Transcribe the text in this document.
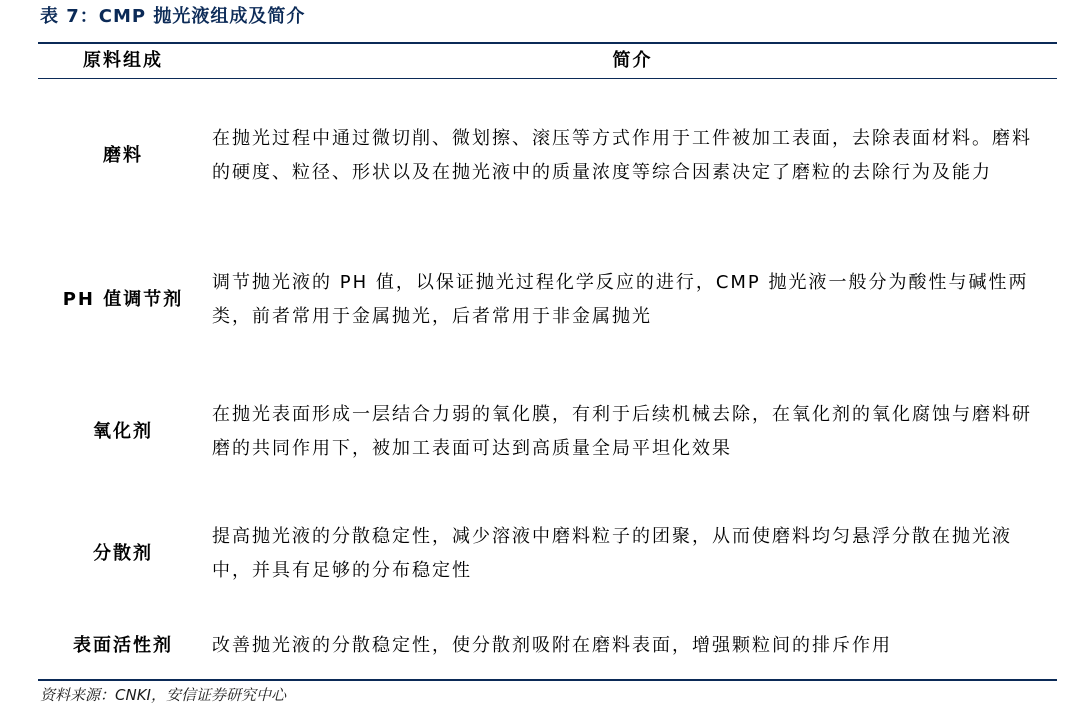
表 7：CMP 抛光液组成及简介
原料组成	简介
磨料
在抛光过程中通过微切削、微划擦、滚压等方式作用于工件被加工表面，去除表面材料。磨料的硬度、粒径、形状以及在抛光液中的质量浓度等综合因素决定了磨粒的去除行为及能力
PH 值调节剂
调节抛光液的 PH 值，以保证抛光过程化学反应的进行，CMP 抛光液一般分为酸性与碱性两类，前者常用于金属抛光，后者常用于非金属抛光
氧化剂
在抛光表面形成一层结合力弱的氧化膜，有利于后续机械去除，在氧化剂的氧化腐蚀与磨料研磨的共同作用下，被加工表面可达到高质量全局平坦化效果
分散剂
提高抛光液的分散稳定性，减少溶液中磨料粒子的团聚，从而使磨料均匀悬浮分散在抛光液中，并具有足够的分布稳定性
表面活性剂	改善抛光液的分散稳定性，使分散剂吸附在磨料表面，增强颗粒间的排斥作用
资料来源：CNKI，安信证券研究中心
